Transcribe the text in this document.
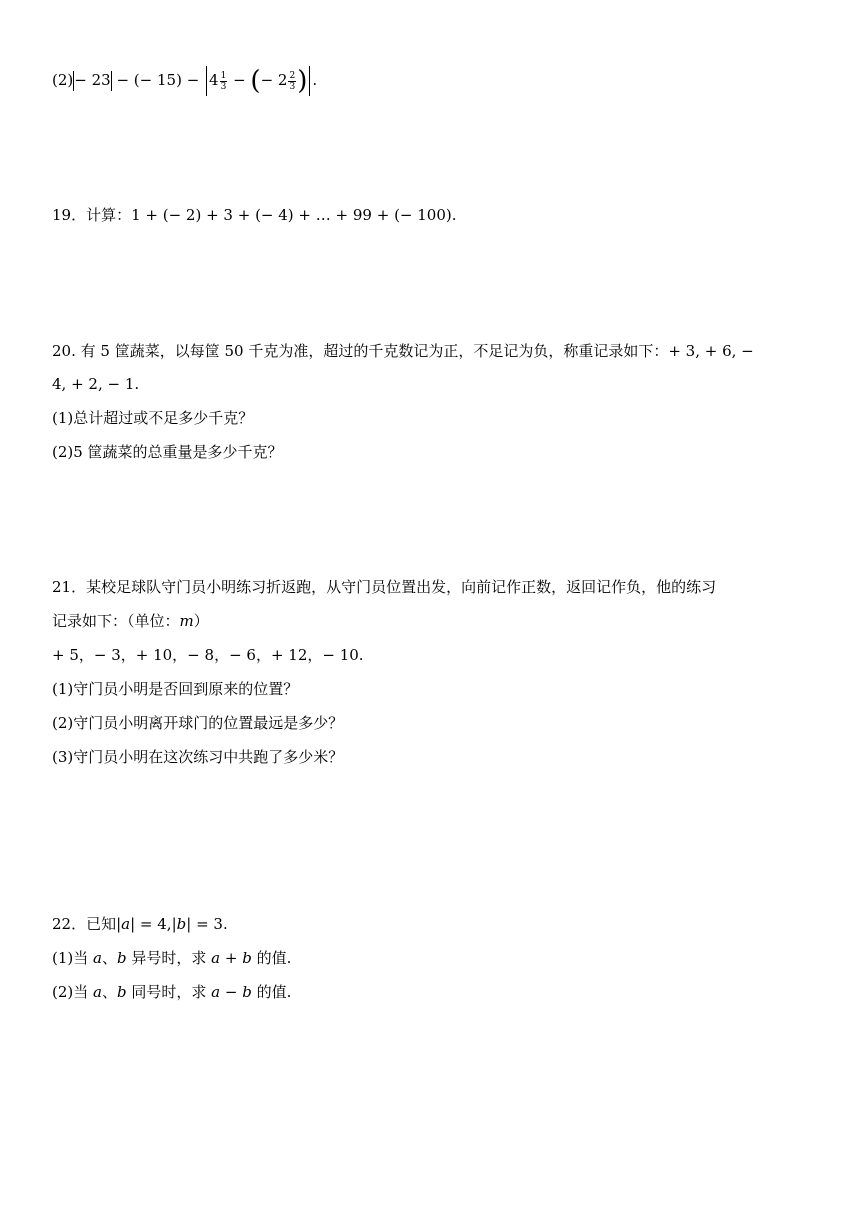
(2)− 23 − (− $15) - 4 \frac{1}{3}$ − (− $2 \frac{2}{3}$ ) .
19．计算：1 + (− 2) + 3 + (− 4) + … + 99 + (− 100).
20. 有 5 筐蔬菜，以每筐 50 千克为准，超过的千克数记为正，不足记为负，称重记录如下：+ 3, + 6, −
4, + 2, − 1.
(1)总计超过或不足多少千克？
(2)5 筐蔬菜的总重量是多少千克？
21．某校足球队守门员小明练习折返跑，从守门员位置出发，向前记作正数，返回记作负，他的练习
记录如下：（单位：m）
+ 5，− 3，+ 10，− 8，− 6，+ 12，− 10.
(1)守门员小明是否回到原来的位置？
(2)守门员小明离开球门的位置最远是多少？
(3)守门员小明在这次练习中共跑了多少米？
22．已知|a| = 4,|b| = 3.
(1)当 a、b 异号时，求 a + b 的值.
(2)当 a、b 同号时，求 a − b 的值.
